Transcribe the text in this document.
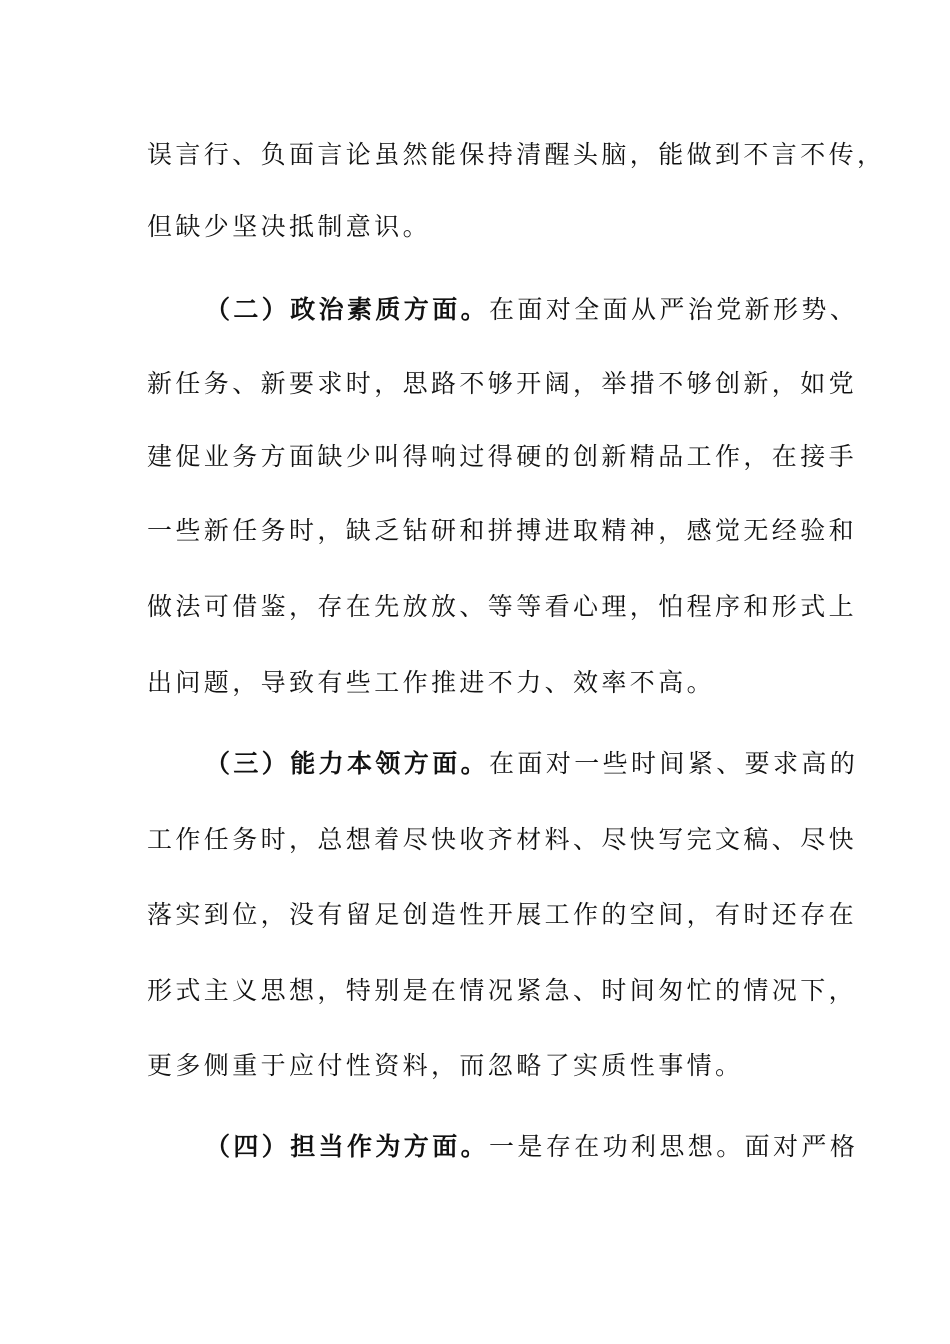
误言行、负面言论虽然能保持清醒头脑，能做到不言不传，
但缺少坚决抵制意识。
（二）政治素质方面。在面对全面从严治党新形势、
新任务、新要求时，思路不够开阔，举措不够创新，如党
建促业务方面缺少叫得响过得硬的创新精品工作，在接手
一些新任务时，缺乏钻研和拼搏进取精神，感觉无经验和
做法可借鉴，存在先放放、等等看心理，怕程序和形式上
出问题，导致有些工作推进不力、效率不高。
（三）能力本领方面。在面对一些时间紧、要求高的
工作任务时，总想着尽快收齐材料、尽快写完文稿、尽快
落实到位，没有留足创造性开展工作的空间，有时还存在
形式主义思想，特别是在情况紧急、时间匆忙的情况下，
更多侧重于应付性资料，而忽略了实质性事情。
（四）担当作为方面。一是存在功利思想。面对严格
